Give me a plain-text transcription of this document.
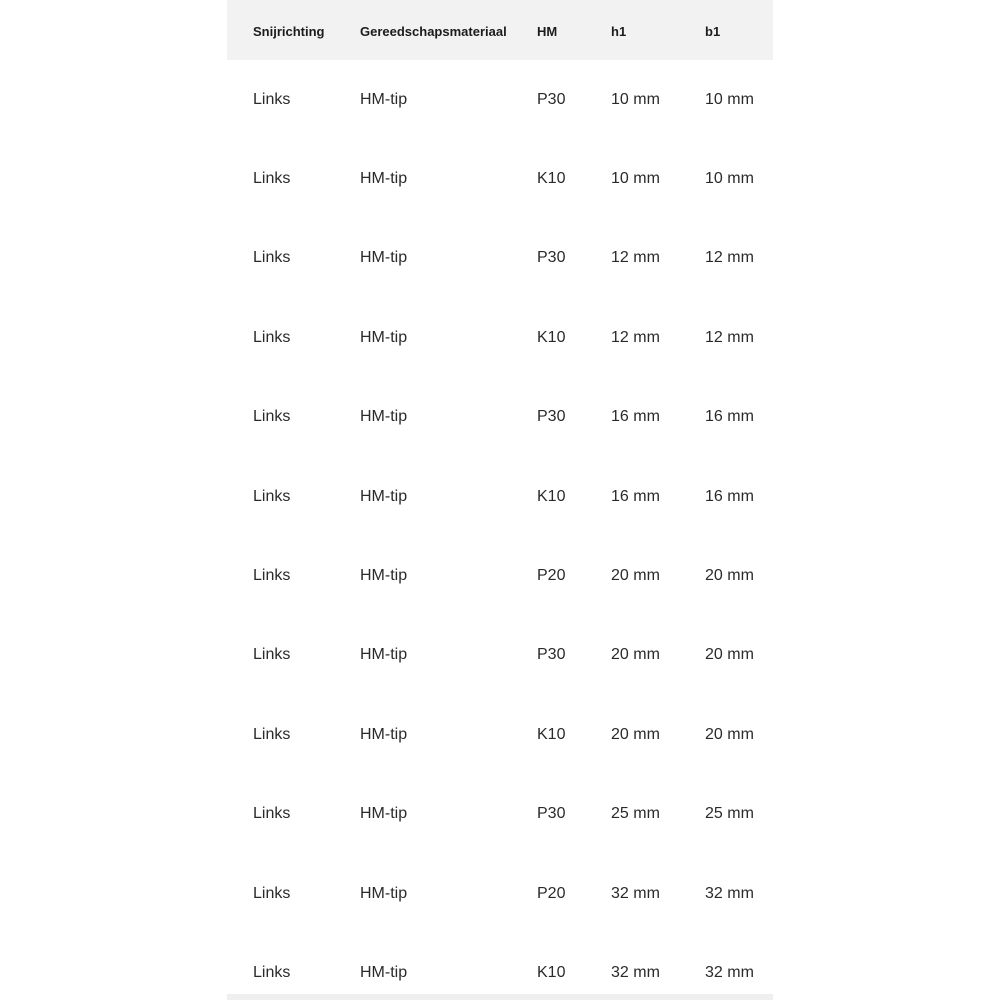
Snijrichting	Gereedschapsmateriaal	HM	h1	b1
Links	HM-tip	P30	10 mm	10 mm
Links	HM-tip	K10	10 mm	10 mm
Links	HM-tip	P30	12 mm	12 mm
Links	HM-tip	K10	12 mm	12 mm
Links	HM-tip	P30	16 mm	16 mm
Links	HM-tip	K10	16 mm	16 mm
Links	HM-tip	P20	20 mm	20 mm
Links	HM-tip	P30	20 mm	20 mm
Links	HM-tip	K10	20 mm	20 mm
Links	HM-tip	P30	25 mm	25 mm
Links	HM-tip	P20	32 mm	32 mm
Links	HM-tip	K10	32 mm	32 mm
